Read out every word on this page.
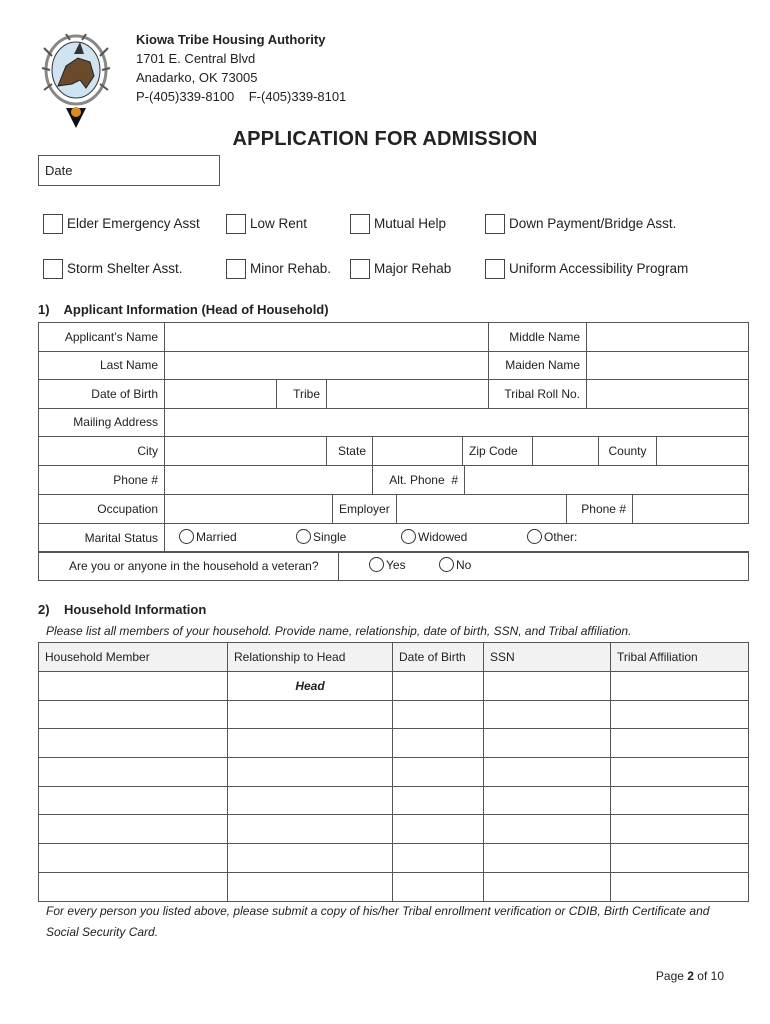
Kiowa Tribe Housing Authority
1701 E. Central Blvd
Anadarko, OK 73005
P-(405)339-8100    F-(405)339-8101
APPLICATION FOR ADMISSION
Date
Elder Emergency Asst	Low Rent	Mutual Help	Down Payment/Bridge Asst.
Storm Shelter Asst.	Minor Rehab.	Major Rehab	Uniform Accessibility Program
1)    Applicant Information (Head of Household)
Applicant’s Name				Middle Name	
Last Name				Maiden Name	
Date of Birth		Tribe		Tribal Roll No.	
Mailing Address					
City		State		Zip Code		County	
Phone #		Alt. Phone  #	
Occupation		Employer		Phone #	
Marital Status	Married	Single	Widowed	Other:
Are you or anyone in the household a veteran?	Yes	No
2)    Household Information
Please list all members of your household. Provide name, relationship, date of birth, SSN, and Tribal affiliation.
Household Member	Relationship to Head	Date of Birth	SSN	Tribal Affiliation
	Head			

For every person you listed above, please submit a copy of his/her Tribal enrollment verification or CDIB, Birth Certificate and Social Security Card.
Page 2 of 10
